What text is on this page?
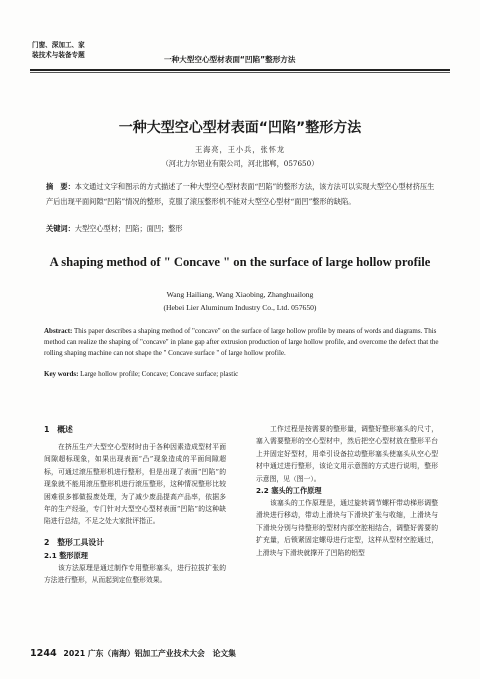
门窗、深加工、家
装技术与装备专题
一种大型空心型材表面“凹陷”整形方法
一种大型空心型材表面“凹陷”整形方法
王海亮，王小兵，张怀龙
（河北力尔铝业有限公司，河北邯郸，057650）
摘　要：本文通过文字和图示的方式描述了一种大型空心型材表面“凹陷”的整形方法，该方法可以实现大型空心型材挤压生产后出现平面间隙“凹陷”情况的整形，克服了滚压整形机不能对大型空心型材“面凹”整形的缺陷。
关键词：大型空心型材；凹陷；面凹；整形
A shaping method of " Concave " on the surface of large hollow profile
Wang Hailiang, Wang Xiaobing, Zhanghuailong
(Hebei Lier Aluminum Industry Co., Ltd. 057650)
Abstract: This paper describes a shaping method of "concave" on the surface of large hollow profile by means of words and diagrams. This method can realize the shaping of "concave" in plane gap after extrusion production of large hollow profile, and overcome the defect that the rolling shaping machine can not shape the " Concave surface " of large hollow profile.
Key words: Large hollow profile; Concave; Concave surface; plastic
1　概述

在挤压生产大型空心型材时由于各种因素造成型材平面间隙超标现象，如果出现表面“凸”现象造成的平面间隙超标，可通过滚压整形机进行整形，但是出现了表面“凹陷”的现象就不能用滚压整形机进行滚压整形，这种情况整形比较困难很多都做报废处理，为了减少废品提高产品率，依据多年的生产经验，专门针对大型空心型材表面“凹陷”的这种缺陷进行总结，不足之处大家批评指正。

2　整形工具设计
2.1 整形原理

该方法原理是通过制作专用整形塞头，进行拉拔扩张的方法进行整形，从而起到定位整形效果。

工作过程是按需要的整形量，调整好整形塞头的尺寸，塞入需要整形的空心型材中，然后把空心型材放在整形平台上并固定好型材，用牵引设备拉动整形塞头使塞头从空心型材中通过进行整形，该论文用示意图的方式进行说明，整形示意图，见（图一）。

2.2 塞头的工作原理

该塞头的工作原理是，通过旋转调节螺杆带动梯形调整滑块进行移动，带动上滑块与下滑块扩张与收缩，上滑块与下滑块分别与待整形的型材内部空腔相结合，调整好需要的扩充量，后锁紧固定螺母进行定型，这样从型材空腔通过，上滑块与下滑块就撑开了凹陷的铝型

1244 2021 广东（南海）铝加工产业技术大会　论文集
